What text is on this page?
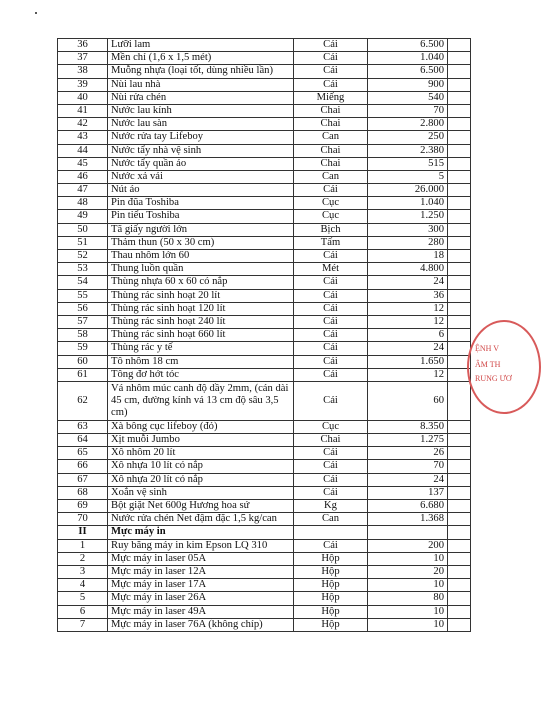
36	Lưỡi lam	Cái	6.500	
37	Mền chỉ (1,6 x 1,5 mét)	Cái	1.040	
38	Muỗng nhựa (loại tốt, dùng nhiều lần)	Cái	6.500	
39	Nùi lau nhà	Cái	900	
40	Nùi rửa chén	Miếng	540	
41	Nước lau kính	Chai	70	
42	Nước lau sàn	Chai	2.800	
43	Nước rửa tay Lifeboy	Can	250	
44	Nước tẩy nhà vệ sinh	Chai	2.380	
45	Nước tẩy quần áo	Chai	515	
46	Nước xả vải	Can	5	
47	Nút áo	Cái	26.000	
48	Pin đũa Toshiba	Cục	1.040	
49	Pin tiểu Toshiba	Cục	1.250	
50	Tã giấy người lớn	Bịch	300	
51	Thảm thun (50 x 30 cm)	Tấm	280	
52	Thau nhôm lớn 60	Cái	18	
53	Thung luồn quần	Mét	4.800	
54	Thùng nhựa 60 x 60 có nắp	Cái	24	
55	Thùng rác sinh hoạt 20 lít	Cái	36	
56	Thùng rác sinh hoạt 120 lít	Cái	12	
57	Thùng rác sinh hoạt 240 lít	Cái	12	
58	Thùng rác sinh hoạt 660 lít	Cái	6	
59	Thùng rác y tế	Cái	24	
60	Tô nhôm 18 cm	Cái	1.650	
61	Tông đơ hớt tóc	Cái	12	
62	Vá nhôm múc canh độ dầy 2mm, (cán dài 45 cm, đường kính vá 13 cm độ sâu 3,5 cm)	Cái	60	
63	Xà bông cục lifeboy (đỏ)	Cục	8.350	
64	Xịt muỗi Jumbo	Chai	1.275	
65	Xô nhôm 20 lít	Cái	26	
66	Xô nhựa 10 lít có nắp	Cái	70	
67	Xô nhựa 20 lít có nắp	Cái	24	
68	Xoắn vệ sinh	Cái	137	
69	Bột giặt Net 600g Hương hoa sứ	Kg	6.680	
70	Nước rửa chén Net đậm đặc 1,5 kg/can	Can	1.368	
II	Mực máy in			
1	Ruy băng máy in kim Epson LQ 310	Cái	200	
2	Mực máy in laser 05A	Hộp	10	
3	Mực máy in laser 12A	Hộp	20	
4	Mực máy in laser 17A	Hộp	10	
5	Mực máy in laser 26A	Hộp	80	
6	Mực máy in laser 49A	Hộp	10	
7	Mực máy in laser 76A (không chíp)	Hộp	10	
ỆNH V
ÂM TH
RUNG ƯƠ
